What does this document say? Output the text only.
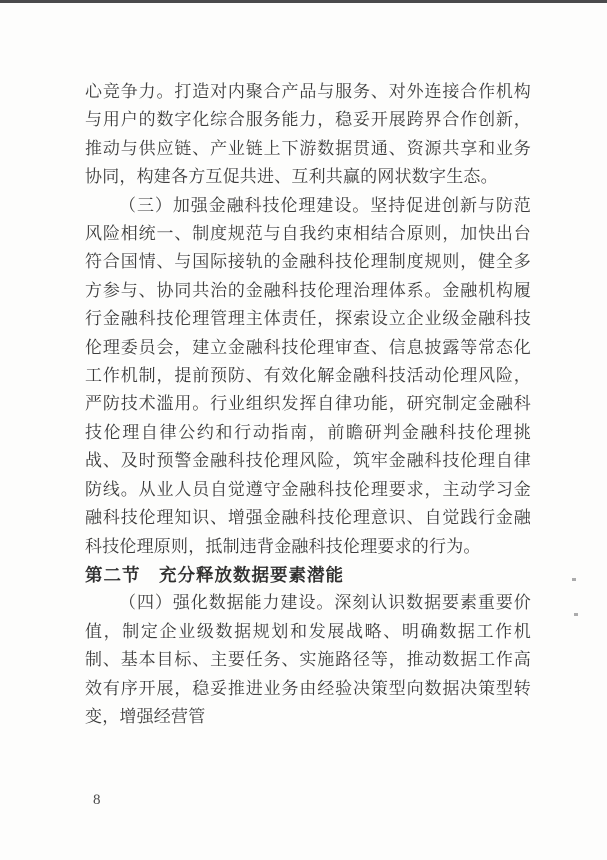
心竞争力。打造对内聚合产品与服务、对外连接合作机构与用户的数字化综合服务能力，稳妥开展跨界合作创新，推动与供应链、产业链上下游数据贯通、资源共享和业务协同，构建各方互促共进、互利共赢的网状数字生态。

（三）加强金融科技伦理建设。坚持促进创新与防范风险相统一、制度规范与自我约束相结合原则，加快出台符合国情、与国际接轨的金融科技伦理制度规则，健全多方参与、协同共治的金融科技伦理治理体系。金融机构履行金融科技伦理管理主体责任，探索设立企业级金融科技伦理委员会，建立金融科技伦理审查、信息披露等常态化工作机制，提前预防、有效化解金融科技活动伦理风险，严防技术滥用。行业组织发挥自律功能，研究制定金融科技伦理自律公约和行动指南，前瞻研判金融科技伦理挑战、及时预警金融科技伦理风险，筑牢金融科技伦理自律防线。从业人员自觉遵守金融科技伦理要求，主动学习金融科技伦理知识、增强金融科技伦理意识、自觉践行金融科技伦理原则，抵制违背金融科技伦理要求的行为。

第二节　充分释放数据要素潜能

（四）强化数据能力建设。深刻认识数据要素重要价值，制定企业级数据规划和发展战略、明确数据工作机制、基本目标、主要任务、实施路径等，推动数据工作高效有序开展，稳妥推进业务由经验决策型向数据决策型转变，增强经营管

8
